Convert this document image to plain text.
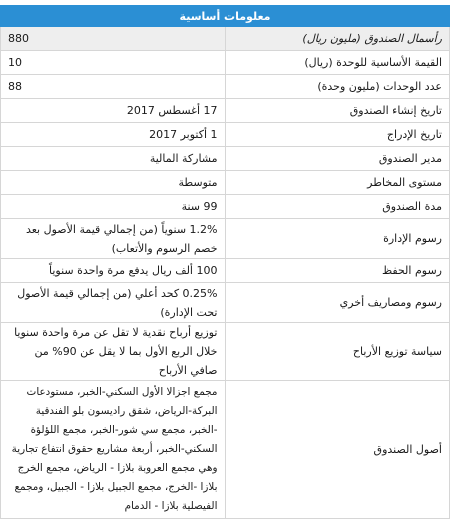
معلومات أساسية	
رأسمال الصندوق (مليون ريال)	880
القيمة الأساسية للوحدة (ريال)	10
عدد الوحدات (مليون وحدة)	88
تاريخ إنشاء الصندوق	17 أغسطس 2017
تاريخ الإدراج	1 أكتوبر 2017
مدير الصندوق	مشاركة المالية
مستوى المخاطر	متوسطة
مدة الصندوق	99 سنة
رسوم الإدارة	1.2% سنوياً (من إجمالي قيمة الأصول بعد خصم الرسوم والأتعاب)
رسوم الحفظ	100 ألف ريال يدفع مرة واحدة سنوياً
رسوم ومصاريف أخري	0.25% كحد أعلي (من إجمالي قيمة الأصول تحت الإدارة)
سياسة توزيع الأرباح	توزيع أرباح نقدية لا تقل عن مرة واحدة سنويا خلال الربع الأول بما لا يقل عن 90% من صافي الأرباح
أصول الصندوق	مجمع اجزالا الأول السكني-الخبر، مستودعات البركة-الرياض، شقق راديسون بلو الفندقية -الخبر، مجمع سي شور-الخبر، مجمع اللؤلؤة السكني-الخبر، أربعة مشاريع حقوق انتفاع تجارية وهي مجمع العروبة بلازا - الرياض، مجمع الخرج بلازا -الخرج، مجمع الجبيل بلازا - الجبيل، ومجمع الفيصلية بلازا - الدمام
